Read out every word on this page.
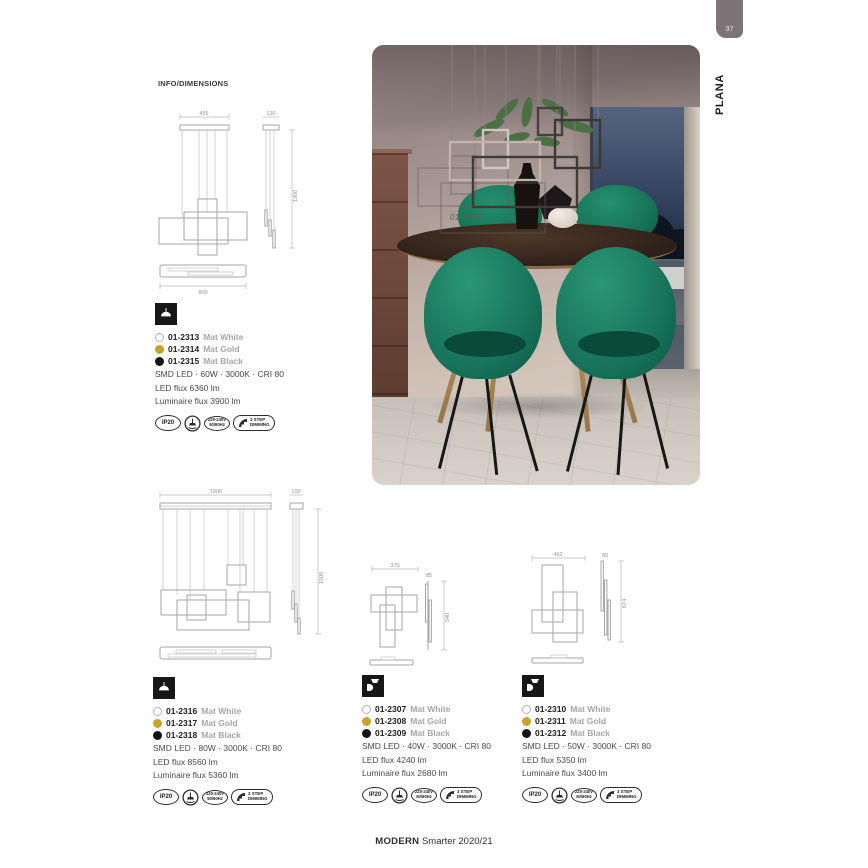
37
PLANA
INFO/DIMENSIONS
455
800
130
1300
01-2313 Mat White
01-2314 Mat Gold
01-2315 Mat Black
SMD LED · 60W · 3000K · CRI 80
LED flux 6360 lm
Luminaire flux 3900 lm
IP20
220-240V
50/60Hz
3 STEP
DIMMING
01-2318
1000	100
1500
370
85
540
462	80
674
01-2316 Mat White
01-2317 Mat Gold
01-2318 Mat Black
SMD LED · 80W · 3000K · CRI 80
LED flux 8560 lm
Luminaire flux 5360 lm
IP20
220-240V
50/60Hz
3 STEP
DIMMING
01-2307 Mat White
01-2308 Mat Gold
01-2309 Mat Black
SMD LED · 40W · 3000K · CRI 80
LED flux 4240 lm
Luminaire flux 2680 lm
IP20
220-240V
50/60Hz
3 STEP
DIMMING
01-2310 Mat White
01-2311 Mat Gold
01-2312 Mat Black
SMD LED · 50W · 3000K · CRI 80
LED flux 5350 lm
Luminaire flux 3400 lm
IP20
220-240V
50/60Hz
3 STEP
DIMMING
MODERN Smarter 2020/21
